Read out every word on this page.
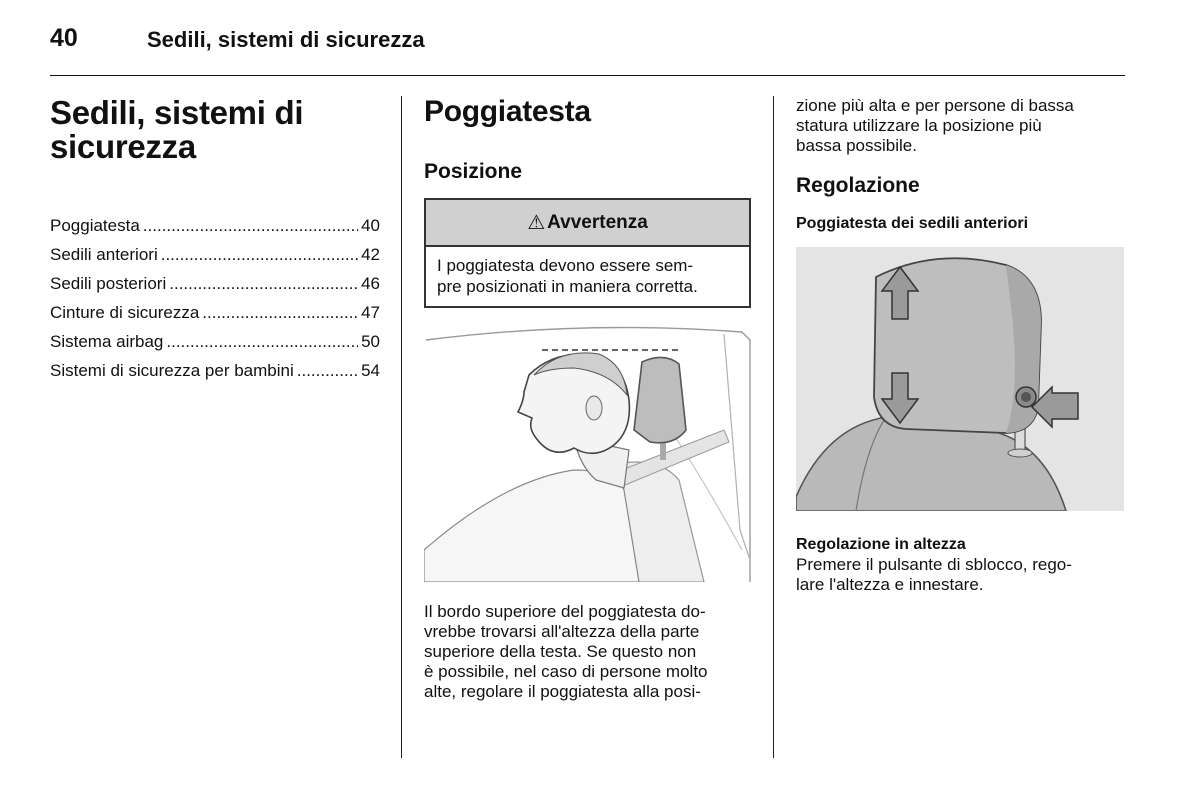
40	Sedili, sistemi di sicurezza
Sedili, sistemi di
sicurezza
Poggiatesta .....	40
Sedili anteriori .....	42
Sedili posteriori .....	46
Cinture di sicurezza .....	47
Sistema airbag .....	50
Sistemi di sicurezza per bambini .....	54
Poggiatesta
Posizione
⚠ Avvertenza
I poggiatesta devono essere sem-
pre posizionati in maniera corretta.
Il bordo superiore del poggiatesta do-
vrebbe trovarsi all'altezza della parte
superiore della testa. Se questo non
è possibile, nel caso di persone molto
alte, regolare il poggiatesta alla posi-
zione più alta e per persone di bassa
statura utilizzare la posizione più
bassa possibile.
Regolazione
Poggiatesta dei sedili anteriori
Regolazione in altezza
Premere il pulsante di sblocco, rego-
lare l'altezza e innestare.
